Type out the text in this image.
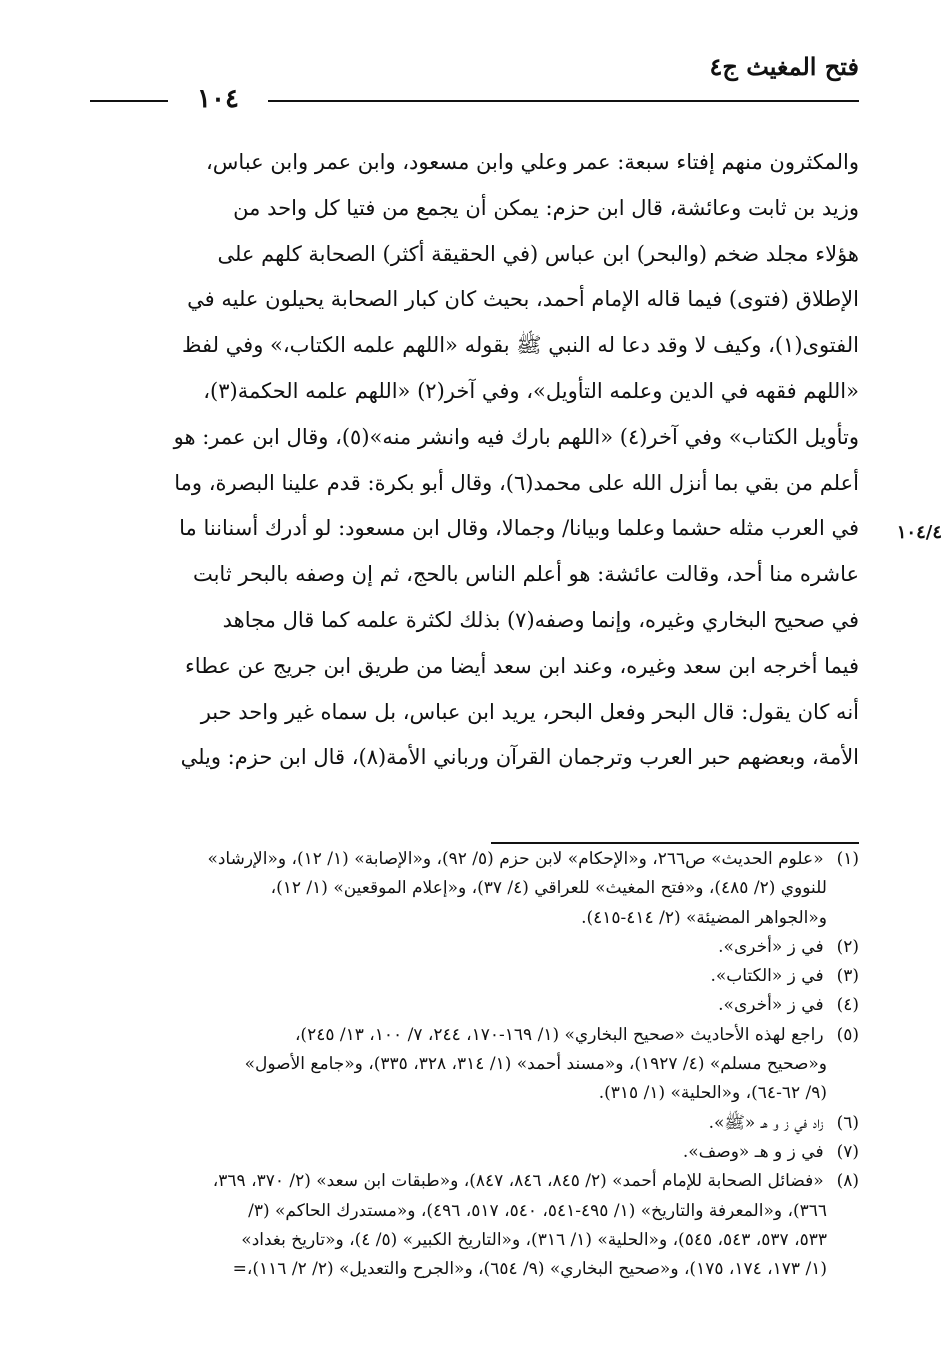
فتح المغيث ج٤
١٠٤

والمكثرون منهم إفتاء سبعة: عمر وعلي وابن مسعود، وابن عمر وابن عباس،

وزيد بن ثابت وعائشة، قال ابن حزم: يمكن أن يجمع من فتيا كل واحد من

هؤلاء مجلد ضخم (والبحر) ابن عباس (في الحقيقة أكثر) الصحابة كلهم على

الإطلاق (فتوى) فيما قاله الإمام أحمد، بحيث كان كبار الصحابة يحيلون عليه في

الفتوى(١)، وكيف لا وقد دعا له النبي ﷺ بقوله «اللهم علمه الكتاب،» وفي لفظ

«اللهم فقهه في الدين وعلمه التأويل»، وفي آخر(٢) «اللهم علمه الحكمة(٣)،

وتأويل الكتاب» وفي آخر(٤) «اللهم بارك فيه وانشر منه»(٥)، وقال ابن عمر: هو

أعلم من بقي بما أنزل الله على محمد(٦)، وقال أبو بكرة: قدم علينا البصرة، وما

في العرب مثله حشما وعلما وبيانا/ وجمالا، وقال ابن مسعود: لو أدرك أسناننا ما

عاشره منا أحد، وقالت عائشة: هو أعلم الناس بالحج، ثم إن وصفه بالبحر ثابت

في صحيح البخاري وغيره، وإنما وصفه(٧) بذلك لكثرة علمه كما قال مجاهد

فيما أخرجه ابن سعد وغيره، وعند ابن سعد أيضا من طريق ابن جريج عن عطاء

أنه كان يقول: قال البحر وفعل البحر، يريد ابن عباس، بل سماه غير واحد حبر

الأمة، وبعضهم حبر العرب وترجمان القرآن ورباني الأمة(٨)، قال ابن حزم: ويلي

١٠٤/٤

(١) «علوم الحديث» ص٢٦٦، و«الإحكام» لابن حزم (٥/ ٩٢)، و«الإصابة» (١/ ١٢)، و«الإرشاد»

للنووي (٢/ ٤٨٥)، و«فتح المغيث» للعراقي (٤/ ٣٧)، و«إعلام الموقعين» (١/ ١٢)،

و«الجواهر المضيئة» (٢/ ٤١٤-٤١٥).

(٢) في ز «أخرى».

(٣) في ز «الكتاب».

(٤) في ز «أخرى».

(٥) راجع لهذه الأحاديث «صحيح البخاري» (١/ ١٦٩-١٧٠، ٢٤٤، ٧/ ١٠٠، ١٣/ ٢٤٥)،

و«صحيح مسلم» (٤/ ١٩٢٧)، و«مسند أحمد» (١/ ٣١٤، ٣٢٨، ٣٣٥)، و«جامع الأصول»

(٩/ ٦٢-٦٤)، و«الحلية» (١/ ٣١٥).

(٦) زاد في ز و هـ «ﷺ».

(٧) في ز و هـ «وصف».

(٨) «فضائل الصحابة للإمام أحمد» (٢/ ٨٤٥، ٨٤٦، ٨٤٧)، و«طبقات ابن سعد» (٢/ ٣٧٠، ٣٦٩،

٣٦٦)، و«المعرفة والتاريخ» (١/ ٤٩٥-٥٤١، ٥٤٠، ٥١٧، ٤٩٦)، و«مستدرك الحاكم» (٣/

٥٣٣، ٥٣٧، ٥٤٣، ٥٤٥)، و«الحلية» (١/ ٣١٦)، و«التاريخ الكبير» (٥/ ٤)، و«تاريخ بغداد»

(١/ ١٧٣، ١٧٤، ١٧٥)، و«صحيح البخاري» (٩/ ٦٥٤)، و«الجرح والتعديل» (٢/ ٢/ ١١٦)،=
